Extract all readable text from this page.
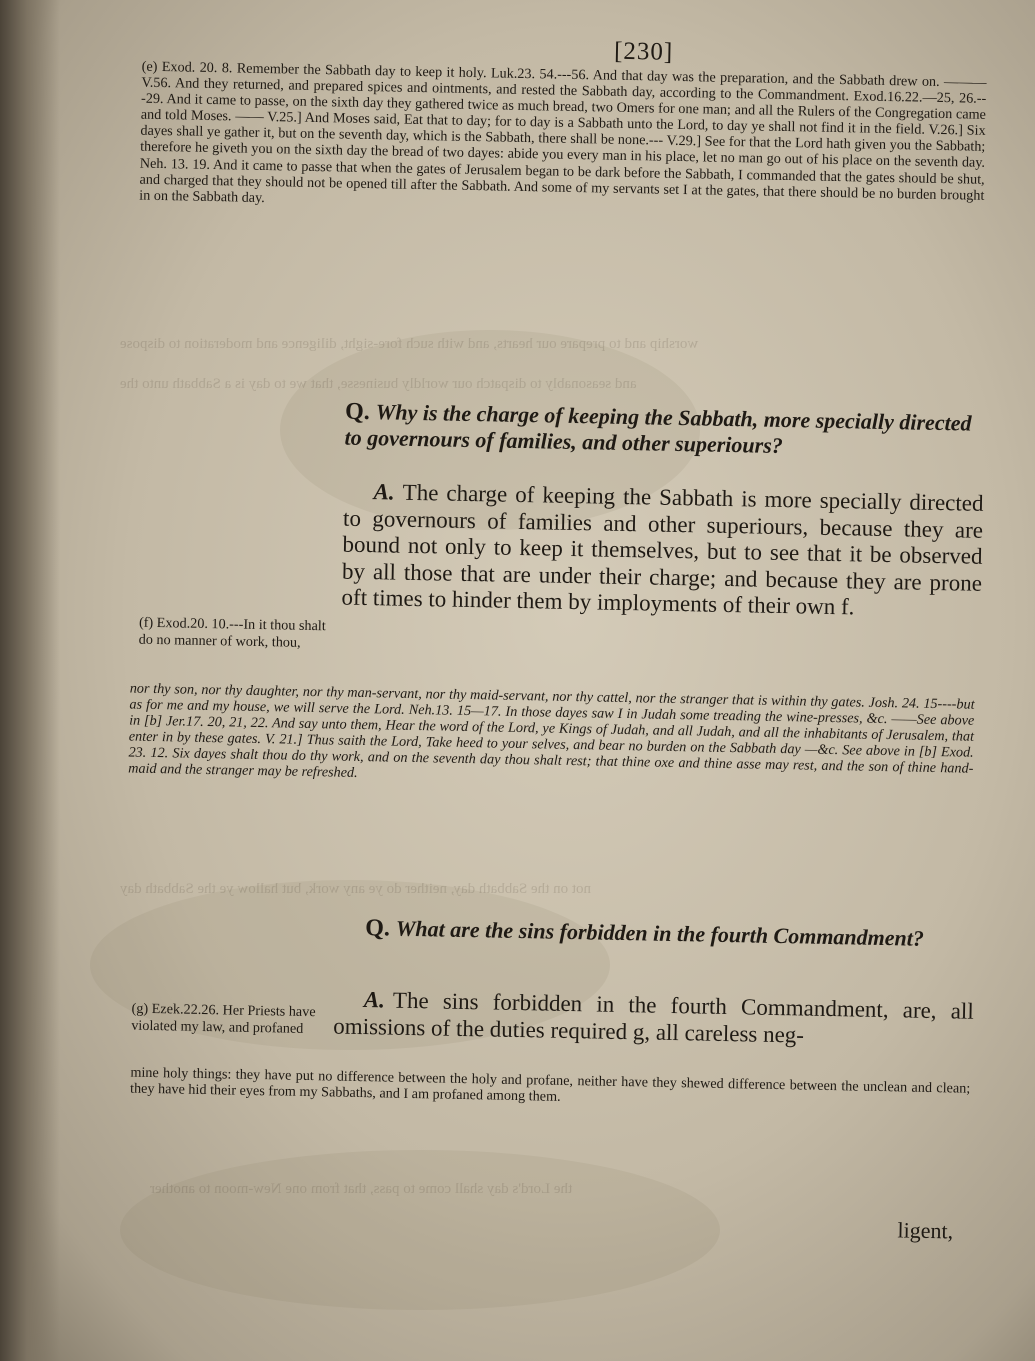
worship and to prepare our hearts, and with such fore-sight, diligence and moderation to dispose
and seasonably to dispatch our worldly businesse, that we to day is a Sabbath unto the
not on the Sabbath day, neither do ye any work, but hallow ye the Sabbath day
the Lord's day shall come to pass, that from one New-moon to another
[230]
(e) Exod. 20. 8. Remember the Sabbath day to keep it holy. Luk.23. 54.---56. And that day was the preparation, and the Sabbath drew on. ——— V.56. And they returned, and prepared spices and ointments, and rested the Sabbath day, according to the Commandment. Exod.16.22.—25, 26.---29. And it came to passe, on the sixth day they gathered twice as much bread, two Omers for one man; and all the Rulers of the Congregation came and told Moses. —— V.25.] And Moses said, Eat that to day; for to day is a Sabbath unto the Lord, to day ye shall not find it in the field. V.26.] Six dayes shall ye gather it, but on the seventh day, which is the Sabbath, there shall be none.--- V.29.] See for that the Lord hath given you the Sabbath; therefore he giveth you on the sixth day the bread of two dayes: abide you every man in his place, let no man go out of his place on the seventh day. Neh. 13. 19. And it came to passe that when the gates of Jerusalem began to be dark before the Sabbath, I commanded that the gates should be shut, and charged that they should not be opened till after the Sabbath. And some of my servants set I at the gates, that there should be no burden brought in on the Sabbath day.
Q. Why is the charge of keeping the Sabbath, more specially directed to governours of families, and other superiours?
A. The charge of keeping the Sabbath is more specially directed to governours of families and other superiours, because they are bound not only to keep it themselves, but to see that it be observed by all those that are under their charge; and because they are prone oft times to hinder them by imployments of their own f.
(f) Exod.20. 10.---In it thou shalt do no manner of work, thou,
nor thy son, nor thy daughter, nor thy man-servant, nor thy maid-servant, nor thy cattel, nor the stranger that is within thy gates. Josh. 24. 15----but as for me and my house, we will serve the Lord. Neh.13. 15—17. In those dayes saw I in Judah some treading the wine-presses, &c. ——See above in [b] Jer.17. 20, 21, 22. And say unto them, Hear the word of the Lord, ye Kings of Judah, and all Judah, and all the inhabitants of Jerusalem, that enter in by these gates. V. 21.] Thus saith the Lord, Take heed to your selves, and bear no burden on the Sabbath day —&c. See above in [b] Exod. 23. 12. Six dayes shalt thou do thy work, and on the seventh day thou shalt rest; that thine oxe and thine asse may rest, and the son of thine hand-maid and the stranger may be refreshed.
Q. What are the sins forbidden in the fourth Commandment?
A. The sins forbidden in the fourth Commandment, are, all omissions of the duties required g, all careless neg-
(g) Ezek.22.26. Her Priests have violated my law, and profaned
mine holy things: they have put no difference between the holy and profane, neither have they shewed difference between the unclean and clean; they have hid their eyes from my Sabbaths, and I am profaned among them.
ligent,
